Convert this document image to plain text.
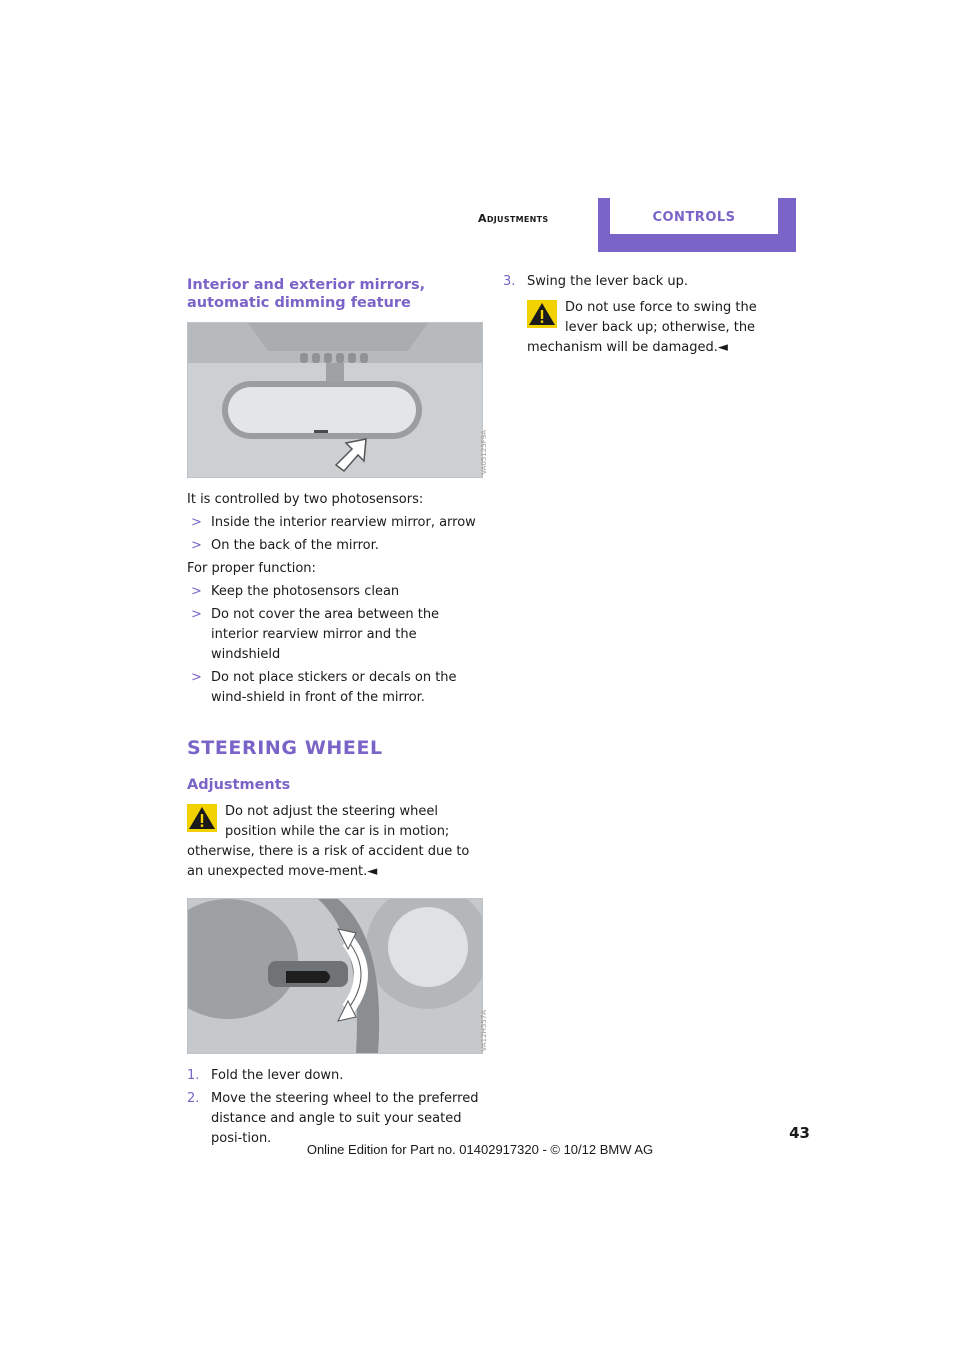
Adjustments	CONTROLS
Interior and exterior mirrors,
automatic dimming feature
VA05125F9A

It is controlled by two photosensors:

> Inside the interior rearview mirror, arrow
> On the back of the mirror.

For proper function:

> Keep the photosensors clean
> Do not cover the area between the interior rearview mirror and the windshield
> Do not place stickers or decals on the wind-shield in front of the mirror.
STEERING WHEEL
Adjustments
Do not adjust the steering wheel position while the car is in motion; otherwise, there is a risk of accident due to an unexpected move-ment.◄
VA12H557A
1. Fold the lever down.
2. Move the steering wheel to the preferred distance and angle to suit your seated posi-tion.
3. Swing the lever back up.
Do not use force to swing the lever back up; otherwise, the mechanism will be damaged.◄
43
Online Edition for Part no. 01402917320 - © 10/12 BMW AG
